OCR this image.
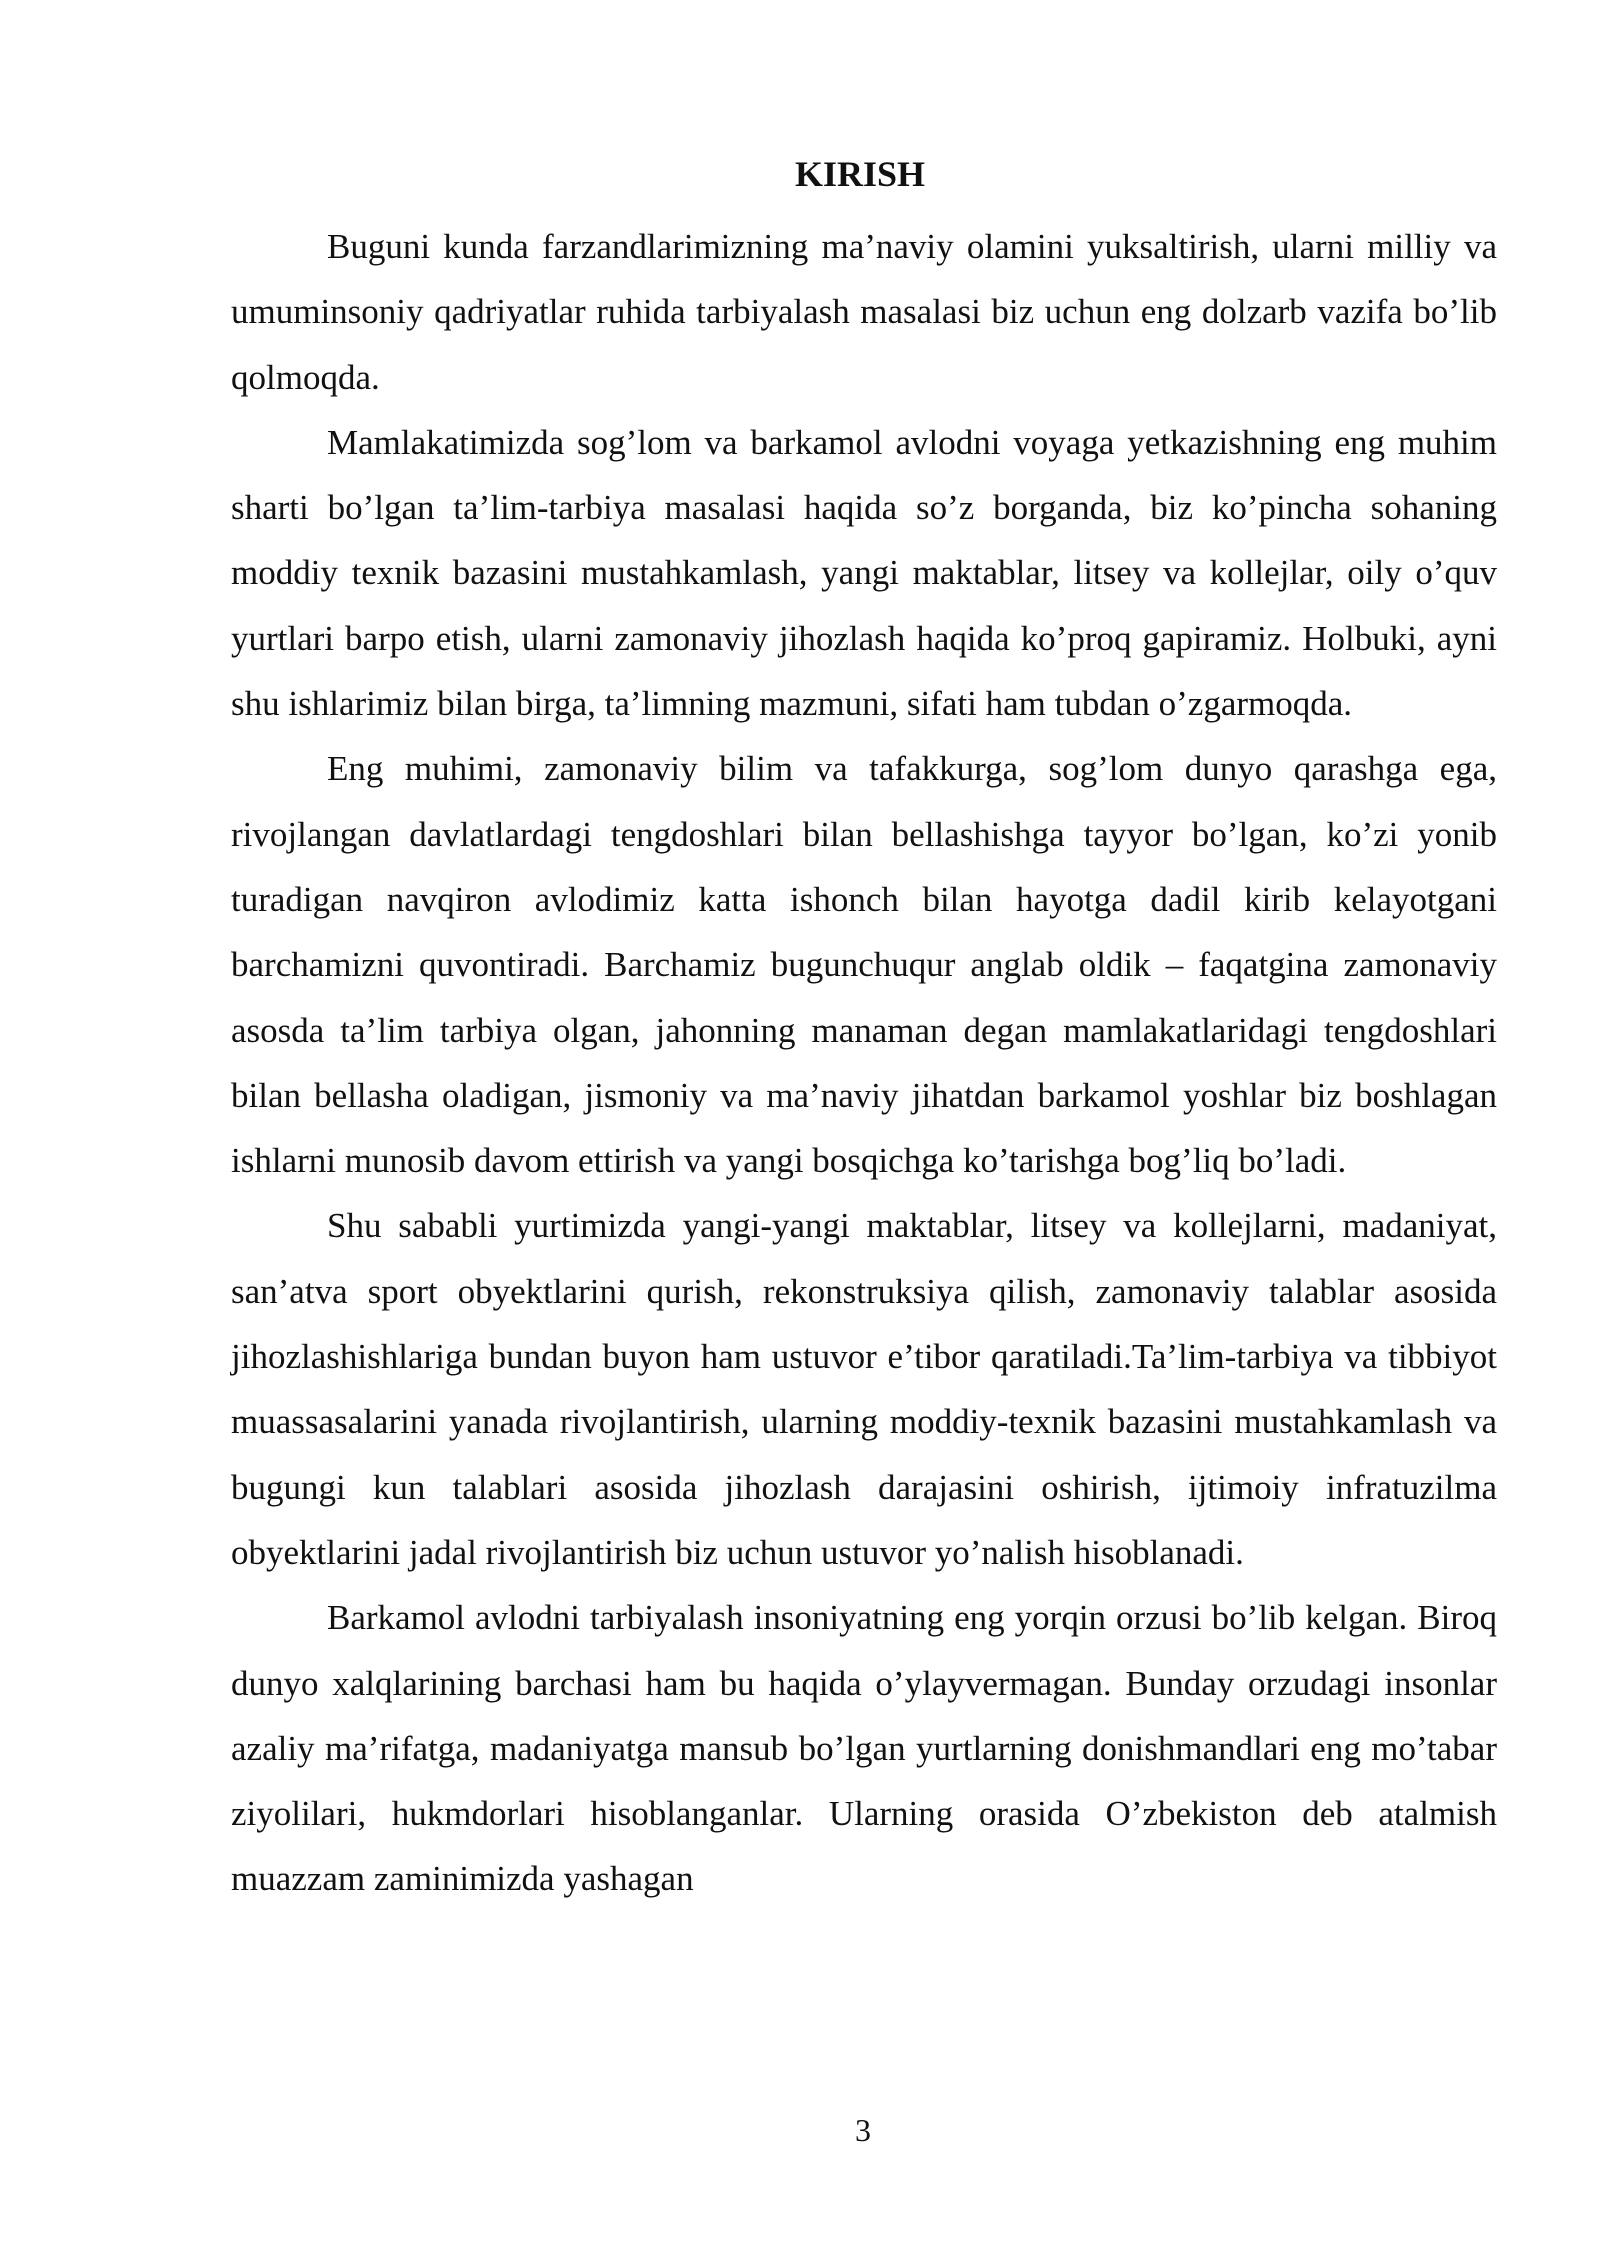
KIRISH

Buguni kunda farzandlarimizning ma’naviy olamini yuksaltirish, ularni milliy va umuminsoniy qadriyatlar ruhida tarbiyalash masalasi biz uchun eng dolzarb vazifa bo’lib qolmoqda.

Mamlakatimizda sog’lom va barkamol avlodni voyaga yetkazishning eng muhim sharti bo’lgan ta’lim-tarbiya masalasi haqida so’z borganda, biz ko’pincha sohaning moddiy texnik bazasini mustahkamlash, yangi maktablar, litsey va kollejlar, oily o’quv yurtlari barpo etish, ularni zamonaviy jihozlash haqida ko’proq gapiramiz. Holbuki, ayni shu ishlarimiz bilan birga, ta’limning mazmuni, sifati ham tubdan o’zgarmoqda.

Eng muhimi, zamonaviy bilim va tafakkurga, sog’lom dunyo qarashga ega, rivojlangan davlatlardagi tengdoshlari bilan bellashishga tayyor bo’lgan, ko’zi yonib turadigan navqiron avlodimiz katta ishonch bilan hayotga dadil kirib kelayotgani barchamizni quvontiradi. Barchamiz bugunchuqur anglab oldik – faqatgina zamonaviy asosda ta’lim tarbiya olgan, jahonning manaman degan mamlakatlaridagi tengdoshlari bilan bellasha oladigan, jismoniy va ma’naviy jihatdan barkamol yoshlar biz boshlagan ishlarni munosib davom ettirish va yangi bosqichga ko’tarishga bog’liq bo’ladi.

Shu sababli yurtimizda yangi-yangi maktablar, litsey va kollejlarni, madaniyat, san’atva sport obyektlarini qurish, rekonstruksiya qilish, zamonaviy talablar asosida jihozlashishlariga bundan buyon ham ustuvor e’tibor qaratiladi.Ta’lim-tarbiya va tibbiyot muassasalarini yanada rivojlantirish, ularning moddiy-texnik bazasini mustahkamlash va bugungi kun talablari asosida jihozlash darajasini oshirish, ijtimoiy infratuzilma obyektlarini jadal rivojlantirish biz uchun ustuvor yo’nalish hisoblanadi.

Barkamol avlodni tarbiyalash insoniyatning eng yorqin orzusi bo’lib kelgan. Biroq dunyo xalqlarining barchasi ham bu haqida o’ylayvermagan. Bunday orzudagi insonlar azaliy ma’rifatga, madaniyatga mansub bo’lgan yurtlarning donishmandlari eng mo’tabar ziyolilari, hukmdorlari hisoblanganlar. Ularning orasida O’zbekiston deb atalmish muazzam zaminimizda yashagan

3
